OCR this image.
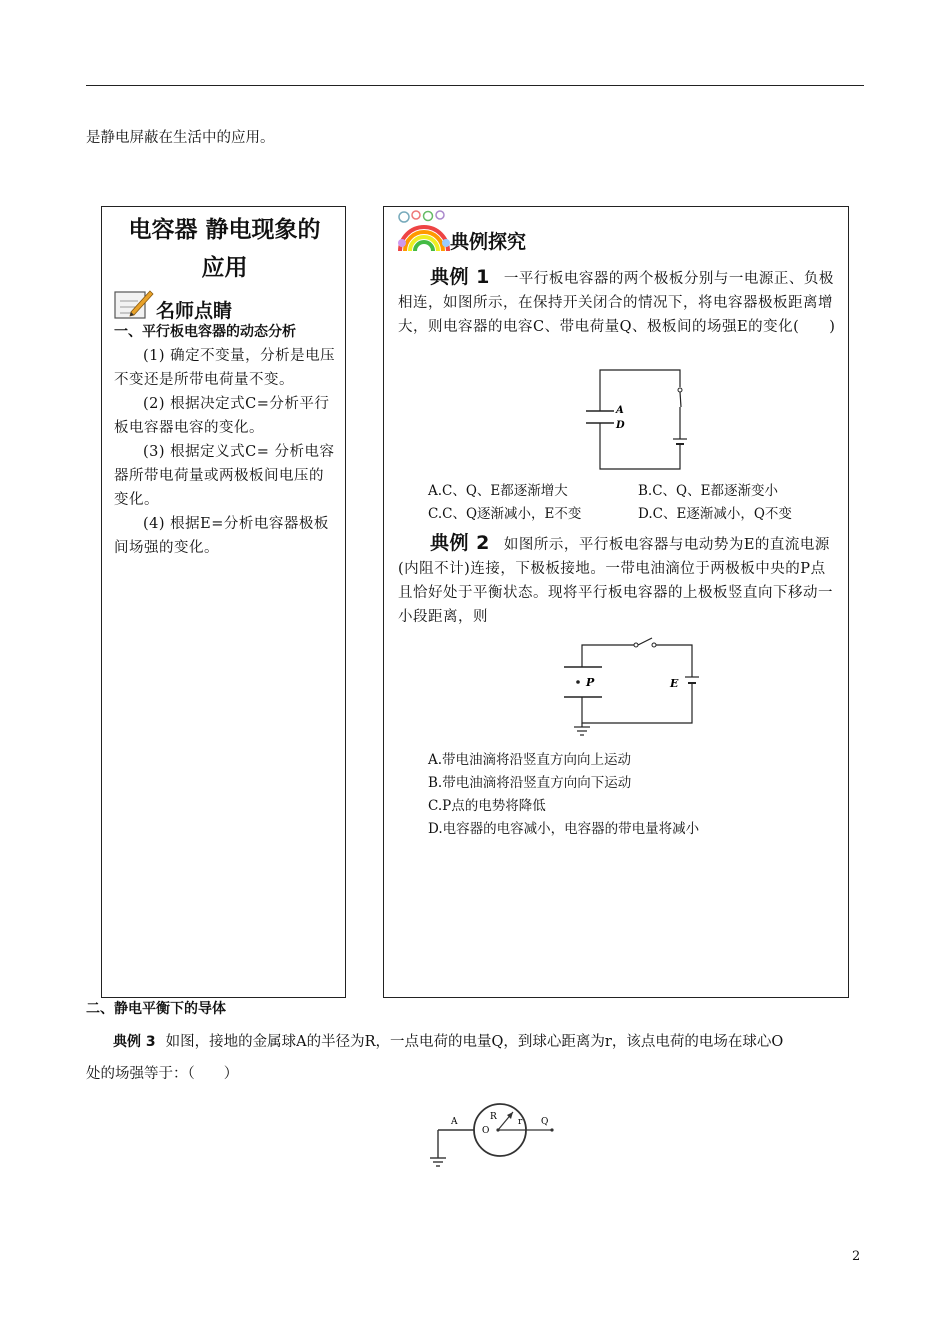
是静电屏蔽在生活中的应用。
电容器 静电现象的
应用
名师点睛
一、平行板电容器的动态分析
(1) 确定不变量，分析是电压不变还是所带电荷量不变。
(2) 根据决定式C=分析平行板电容器电容的变化。
(3) 根据定义式C= 分析电容器所带电荷量或两极板间电压的变化。
(4) 根据E=分析电容器极板间场强的变化。
典例探究
典例 1 一平行板电容器的两个极板分别与一电源正、负极相连，如图所示，在保持开关闭合的情况下，将电容器极板距离增大，则电容器的电容C、带电荷量Q、极板间的场强E的变化(　　)
A
D
A.C、Q、E都逐渐增大	B.C、Q、E都逐渐变小
C.C、Q逐渐减小，E不变	D.C、E逐渐减小，Q不变
典例 2 如图所示，平行板电容器与电动势为E的直流电源(内阻不计)连接，下极板接地。一带电油滴位于两极板中央的P点且恰好处于平衡状态。现将平行板电容器的上极板竖直向下移动一小段距离，则
P	E
A.带电油滴将沿竖直方向向上运动
B.带电油滴将沿竖直方向向下运动
C.P点的电势将降低
D.电容器的电容减小，电容器的带电量将减小
二、静电平衡下的导体
典例 3 如图，接地的金属球A的半径为R，一点电荷的电量Q，到球心距离为r，该点电荷的电场在球心O
处的场强等于：（　　）
A
O
R r Q
2
